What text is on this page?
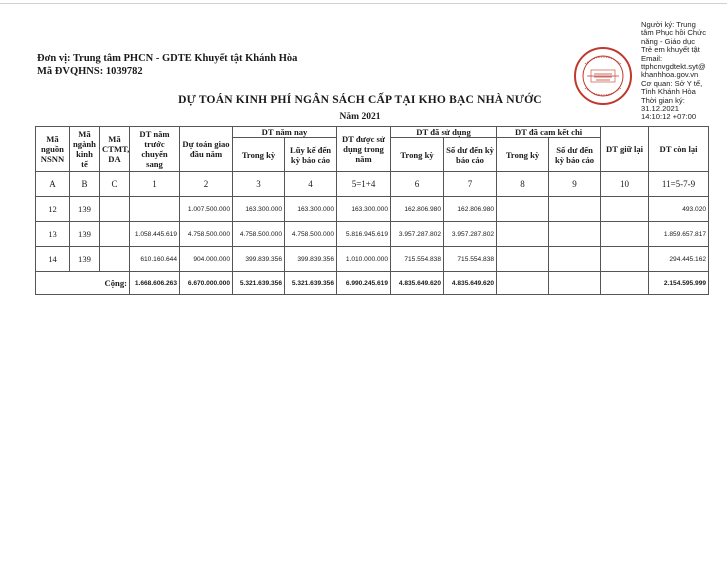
Đơn vị: Trung tâm PHCN - GDTE Khuyết tật Khánh Hòa
Mã ĐVQHNS: 1039782
DỰ TOÁN KINH PHÍ NGÂN SÁCH CẤP TẠI KHO BẠC NHÀ NƯỚC
Năm 2021
Người ký: Trung
tâm Phục hồi Chức
năng - Giáo dục
Trẻ em khuyết tật
Email:
ttphcnvgdtekt.syt@
khanhhoa.gov.vn
Cơ quan: Sở Y tế,
Tỉnh Khánh Hòa
Thời gian ký:
31.12.2021
14:10:12 +07:00
Mã nguồn NSNN	Mã ngành kinh tế	Mã CTMT, DA	DT năm trước chuyển sang	Dự toán giao đầu năm	DT năm nay		DT được sử dụng trong năm	DT đã sử dụng		DT đã cam kết chi		DT giữ lại	DT còn lại
					Trong kỳ	Lũy kế đến kỳ báo cáo		Trong kỳ	Số dư đến kỳ báo cáo	Trong kỳ	Số dư đến kỳ báo cáo		
A	B	C	1	2	3	4	5=1+4	6	7	8	9	10	11=5-7-9
12	139			1.007.500.000	163.300.000	163.300.000	163.300.000	162.806.980	162.806.980				493.020
13	139		1.058.445.619	4.758.500.000	4.758.500.000	4.758.500.000	5.816.945.619	3.957.287.802	3.957.287.802				1.859.657.817
14	139		610.160.644	904.000.000	399.839.356	399.839.356	1.010.000.000	715.554.838	715.554.838				294.445.162
Cộng:			1.668.606.263	6.670.000.000	5.321.639.356	5.321.639.356	6.990.245.619	4.835.649.620	4.835.649.620				2.154.595.999
